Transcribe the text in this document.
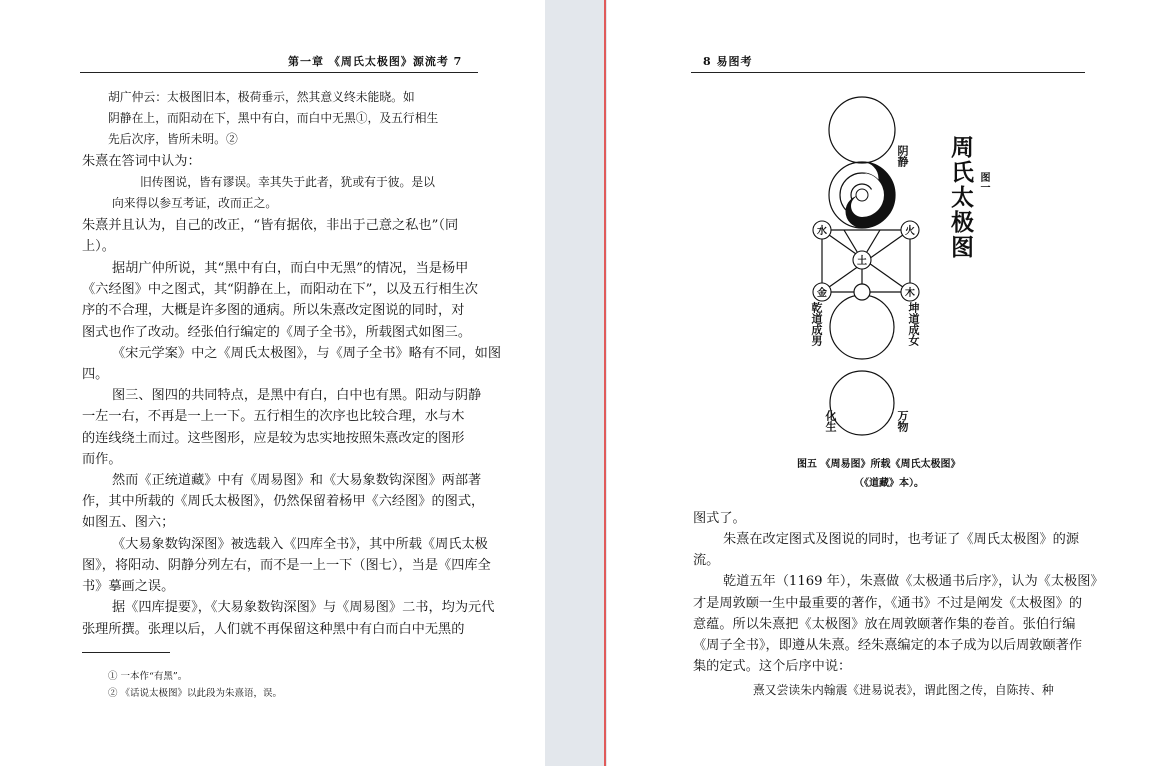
第一章 《周氏太极图》源流考 7
胡广仲云：太极图旧本，极荷垂示，然其意义终未能晓。如
阴静在上，而阳动在下，黑中有白，而白中无黑①，及五行相生
先后次序，皆所未明。②
朱熹在答词中认为：
旧传图说，皆有谬误。幸其失于此者，犹或有于彼。是以
向来得以参互考证，改而正之。
朱熹并且认为，自己的改正，“皆有据依，非出于己意之私也”（同
上）。
据胡广仲所说，其“黑中有白，而白中无黑”的情况，当是杨甲
《六经图》中之图式，其“阴静在上，而阳动在下”，以及五行相生次
序的不合理，大概是许多图的通病。所以朱熹改定图说的同时，对
图式也作了改动。经张伯行编定的《周子全书》，所载图式如图三。
《宋元学案》中之《周氏太极图》，与《周子全书》略有不同，如图
四。
图三、图四的共同特点，是黑中有白，白中也有黑。阳动与阴静
一左一右，不再是一上一下。五行相生的次序也比较合理，水与木
的连线绕土而过。这些图形，应是较为忠实地按照朱熹改定的图形
而作。
然而《正统道藏》中有《周易图》和《大易象数钩深图》两部著
作，其中所载的《周氏太极图》，仍然保留着杨甲《六经图》的图式，
如图五、图六；
《大易象数钩深图》被选载入《四库全书》，其中所载《周氏太极
图》，将阳动、阴静分列左右，而不是一上一下（图七），当是《四库全
书》摹画之误。
据《四库提要》，《大易象数钩深图》与《周易图》二书，均为元代
张理所撰。张理以后，人们就不再保留这种黑中有白而白中无黑的
① 一本作“有黑”。
② 《话说太极图》以此段为朱熹语，误。
8 易图考
水	火
土
金	木
阴静
乾道成男	坤道成女
化生	万物
周氏太极图 图一
图五 《周易图》所载《周氏太极图》
（《道藏》本）。
图式了。
朱熹在改定图式及图说的同时，也考证了《周氏太极图》的源
流。
乾道五年（1169 年），朱熹做《太极通书后序》，认为《太极图》
才是周敦颐一生中最重要的著作，《通书》不过是阐发《太极图》的
意蕴。所以朱熹把《太极图》放在周敦颐著作集的卷首。张伯行编
《周子全书》，即遵从朱熹。经朱熹编定的本子成为以后周敦颐著作
集的定式。这个后序中说：
熹又尝读朱内翰震《进易说表》，谓此图之传，自陈抟、种
